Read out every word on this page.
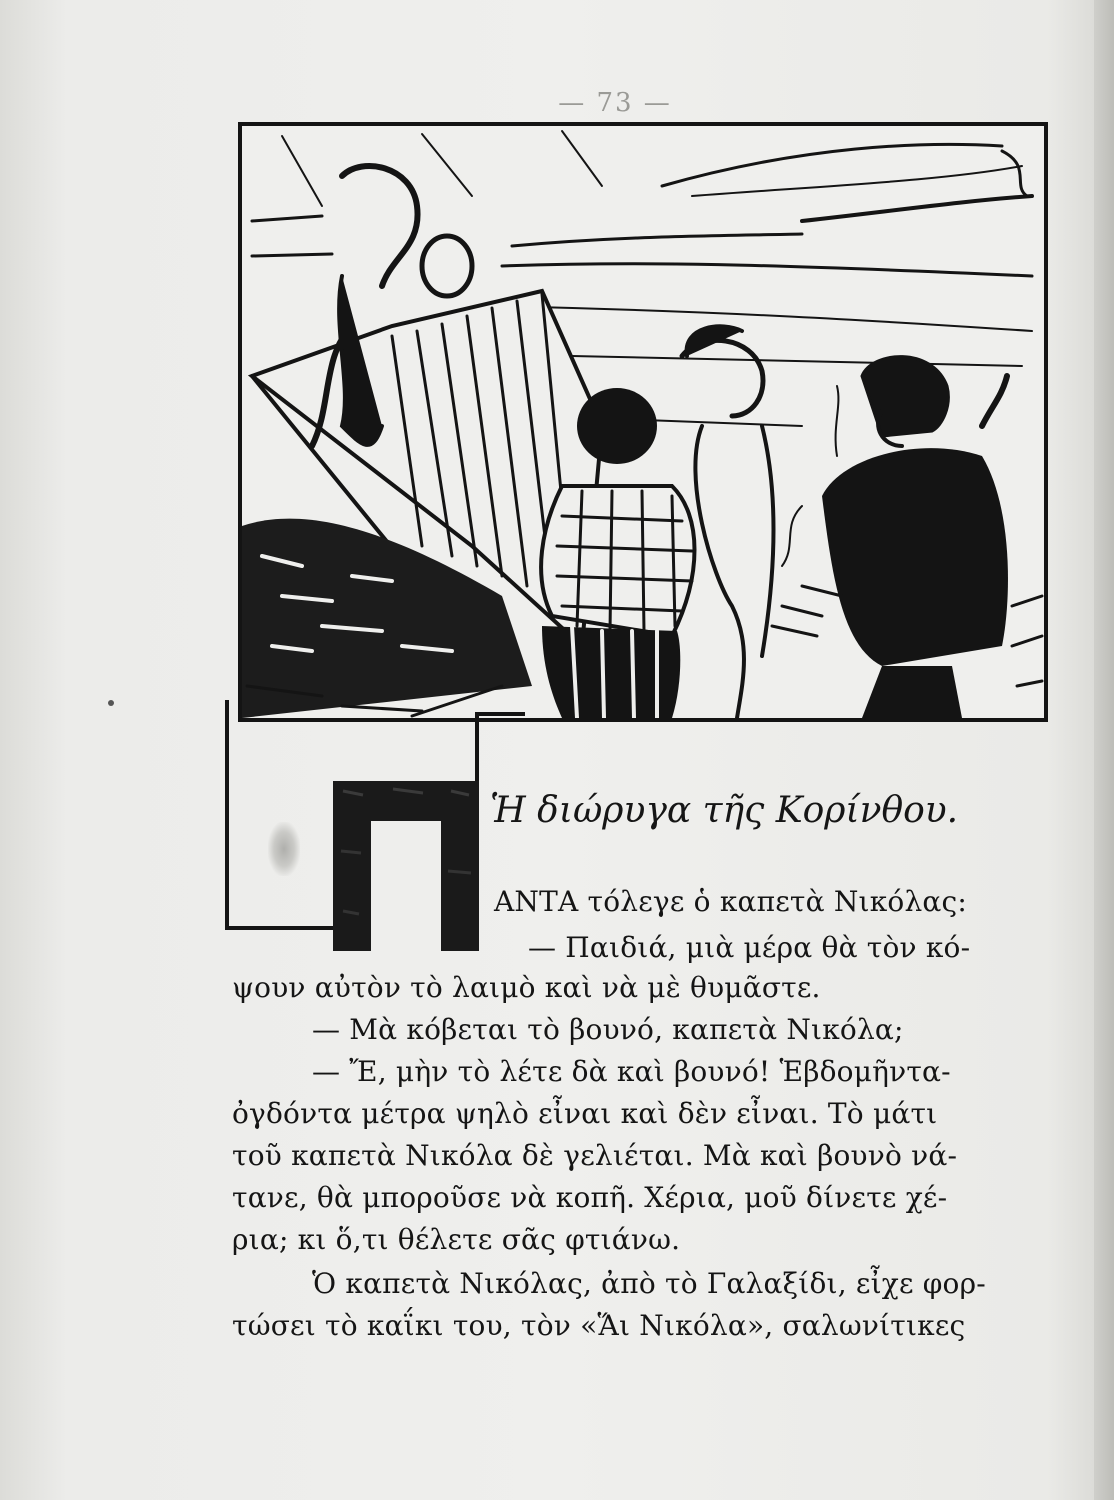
— 73 —
Ἡ διώρυγα τῆς Κορίνθου.
ΑΝΤΑ τόλεγε ὁ καπετὰ Νικόλας:
— Παιδιά, μιὰ μέρα θὰ τὸν κό-
ψουν αὐτὸν τὸ λαιμὸ καὶ νὰ μὲ θυμᾶστε.
— Μὰ κόβεται τὸ βουνό, καπετὰ Νικόλα;
— Ἔ, μὴν τὸ λέτε δὰ καὶ βουνό! Ἑβδομῆντα-
ὀγδόντα μέτρα ψηλὸ εἶναι καὶ δὲν εἶναι. Τὸ μάτι
τοῦ καπετὰ Νικόλα δὲ γελιέται. Μὰ καὶ βουνὸ νά-
τανε, θὰ μποροῦσε νὰ κοπῆ. Χέρια, μοῦ δίνετε χέ-
ρια; κι ὅ,τι θέλετε σᾶς φτιάνω.
Ὁ καπετὰ Νικόλας, ἀπὸ τὸ Γαλαξίδι, εἶχε φορ-
τώσει τὸ καΐκι του, τὸν «Ἅι Νικόλα», σαλωνίτικες
